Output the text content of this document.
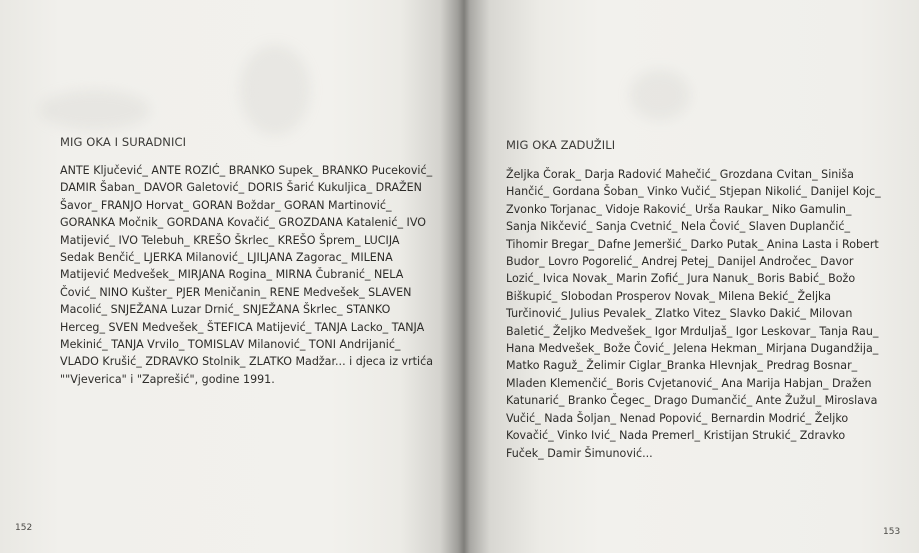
MIG OKA I SURADNICI

ANTE Ključević_ ANTE ROZIĆ_ BRANKO Supek_ BRANKO Puceković_
DAMIR Šaban_ DAVOR Galetović_ DORIS Šarić Kukuljica_ DRAŽEN
Šavor_ FRANJO Horvat_ GORAN Boždar_ GORAN Martinović_
GORANKA Močnik_ GORDANA Kovačić_ GROZDANA Katalenić_ IVO
Matijević_ IVO Telebuh_ KREŠO Škrlec_ KREŠO Šprem_ LUCIJA
Sedak Benčić_ LJERKA Milanović_ LJILJANA Zagorac_ MILENA
Matijević Medvešek_ MIRJANA Rogina_ MIRNA Čubranić_ NELA
Čović_ NINO Kušter_ PJER Meničanin_ RENE Medvešek_ SLAVEN
Macolić_ SNJEŽANA Luzar Drnić_ SNJEŽANA Škrlec_ STANKO
Herceg_ SVEN Medvešek_ ŠTEFICA Matijević_ TANJA Lacko_ TANJA
Mekinić_ TANJA Vrvilo_ TOMISLAV Milanović_ TONI Andrijanić_
VLADO Krušić_ ZDRAVKO Stolnik_ ZLATKO Madžar... i djeca iz vrtića
""Vjeverica" i "Zaprešić", godine 1991.

152
MIG OKA ZADUŽILI

Željka Čorak_ Darja Radović Mahečić_ Grozdana Cvitan_ Siniša
Hančić_ Gordana Šoban_ Vinko Vučić_ Stjepan Nikolić_ Danijel Kojc_
Zvonko Torjanac_ Vidoje Raković_ Urša Raukar_ Niko Gamulin_
Sanja Nikčević_ Sanja Cvetnić_ Nela Čović_ Slaven Duplančić_
Tihomir Bregar_ Dafne Jemeršić_ Darko Putak_ Anina Lasta i Robert
Budor_ Lovro Pogorelić_ Andrej Petej_ Danijel Andročec_ Davor
Lozić_ Ivica Novak_ Marin Zofić_ Jura Nanuk_ Boris Babić_ Božo
Biškupić_ Slobodan Prosperov Novak_ Milena Bekić_ Željka
Turčinović_ Julius Pevalek_ Zlatko Vitez_ Slavko Dakić_ Milovan
Baletić_ Željko Medvešek_ Igor Mrduljaš_ Igor Leskovar_ Tanja Rau_
Hana Medvešek_ Bože Čović_ Jelena Hekman_ Mirjana Dugandžija_
Matko Raguž_ Želimir Ciglar_Branka Hlevnjak_ Predrag Bosnar_
Mladen Klemenčić_ Boris Cvjetanović_ Ana Marija Habjan_ Dražen
Katunarić_ Branko Čegec_ Drago Dumančić_ Ante Žužul_ Miroslava
Vučić_ Nada Šoljan_ Nenad Popović_ Bernardin Modrić_ Željko
Kovačić_ Vinko Ivić_ Nada Premerl_ Kristijan Strukić_ Zdravko
Fuček_ Damir Šimunović...

153
